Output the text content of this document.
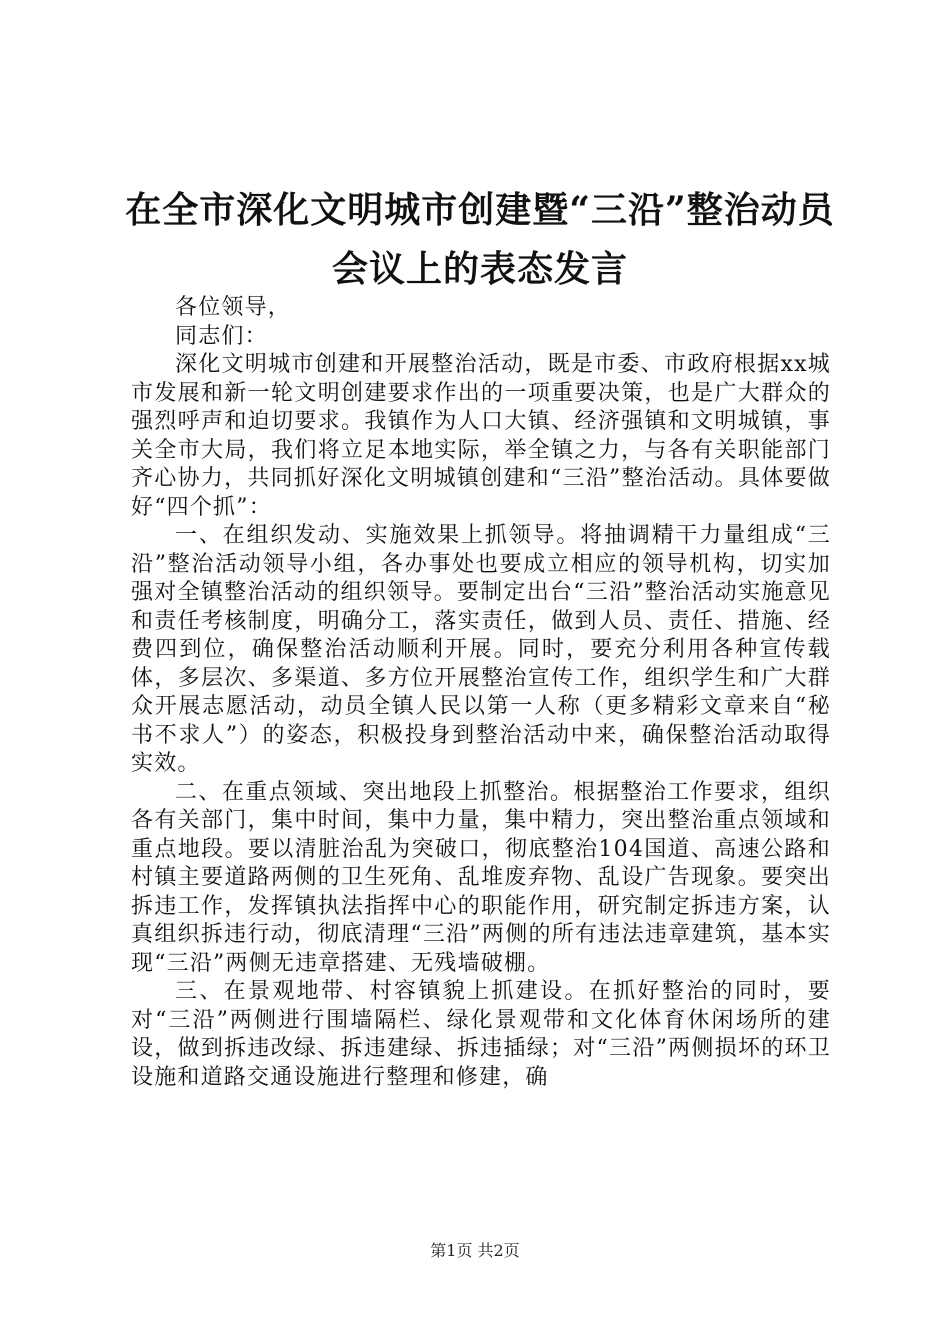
在全市深化文明城市创建暨“三沿”整治动员
会议上的表态发言

各位领导，

同志们：

深化文明城市创建和开展整治活动，既是市委、市政府根据xx城市发展和新一轮文明创建要求作出的一项重要决策，也是广大群众的强烈呼声和迫切要求。我镇作为人口大镇、经济强镇和文明城镇，事关全市大局，我们将立足本地实际，举全镇之力，与各有关职能部门齐心协力，共同抓好深化文明城镇创建和“三沿”整治活动。具体要做好“四个抓”：

一、在组织发动、实施效果上抓领导。将抽调精干力量组成“三沿”整治活动领导小组，各办事处也要成立相应的领导机构，切实加强对全镇整治活动的组织领导。要制定出台“三沿”整治活动实施意见和责任考核制度，明确分工，落实责任，做到人员、责任、措施、经费四到位，确保整治活动顺利开展。同时，要充分利用各种宣传载体，多层次、多渠道、多方位开展整治宣传工作，组织学生和广大群众开展志愿活动，动员全镇人民以第一人称（更多精彩文章来自“秘书不求人”）的姿态，积极投身到整治活动中来，确保整治活动取得实效。

二、在重点领域、突出地段上抓整治。根据整治工作要求，组织各有关部门，集中时间，集中力量，集中精力，突出整治重点领域和重点地段。要以清脏治乱为突破口，彻底整治104国道、高速公路和村镇主要道路两侧的卫生死角、乱堆废弃物、乱设广告现象。要突出拆违工作，发挥镇执法指挥中心的职能作用，研究制定拆违方案，认真组织拆违行动，彻底清理“三沿”两侧的所有违法违章建筑，基本实现“三沿”两侧无违章搭建、无残墙破棚。

三、在景观地带、村容镇貌上抓建设。在抓好整治的同时，要对“三沿”两侧进行围墙隔栏、绿化景观带和文化体育休闲场所的建设，做到拆违改绿、拆违建绿、拆违插绿；对“三沿”两侧损坏的环卫设施和道路交通设施进行整理和修建，确

第1页 共2页
